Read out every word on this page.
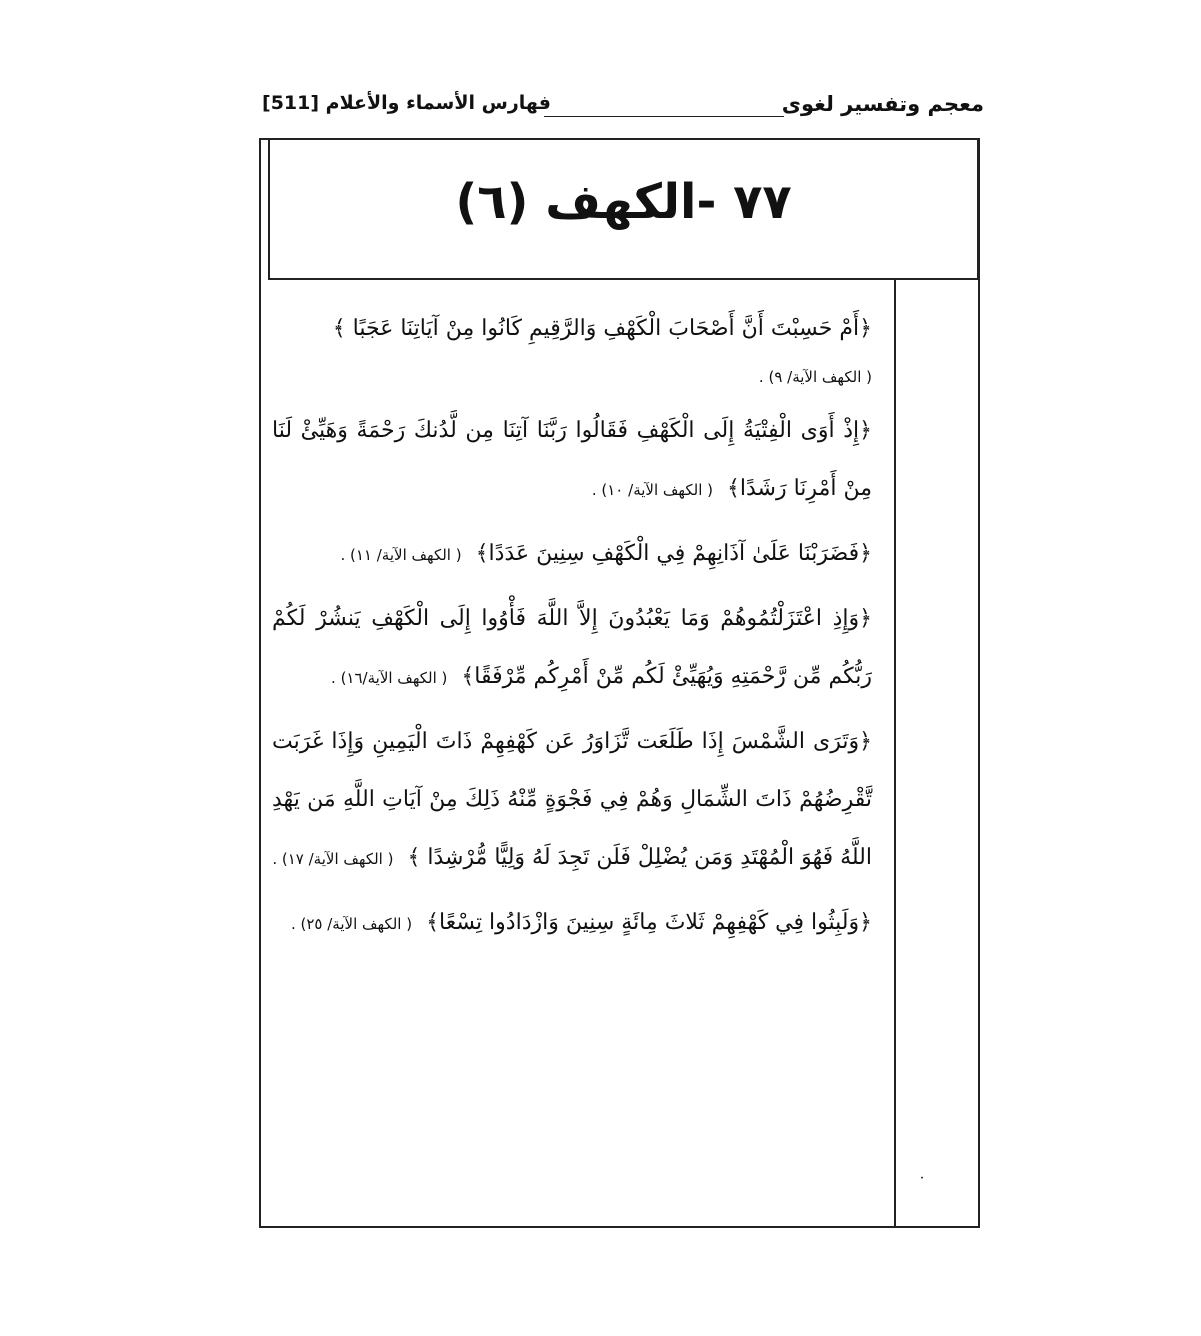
معجم وتفسير لغوى
فهارس الأسماء والأعلام [511]
٧٧ -الكهف (٦)
﴿أَمْ حَسِبْتَ أَنَّ أَصْحَابَ الْكَهْفِ وَالرَّقِيمِ كَانُوا مِنْ آيَاتِنَا عَجَبًا ﴾
( الكهف الآية/ ٩) .
﴿إِذْ أَوَى الْفِتْيَةُ إِلَى الْكَهْفِ فَقَالُوا رَبَّنَا آتِنَا مِن لَّدُنكَ رَحْمَةً وَهَيِّئْ لَنَا مِنْ أَمْرِنَا رَشَدًا﴾( الكهف الآية/ ١٠) .
﴿فَضَرَبْنَا عَلَىٰ آذَانِهِمْ فِي الْكَهْفِ سِنِينَ عَدَدًا﴾( الكهف الآية/ ١١) .
﴿وَإِذِ اعْتَزَلْتُمُوهُمْ وَمَا يَعْبُدُونَ إِلاَّ اللَّهَ فَأْوُوا إِلَى الْكَهْفِ يَنشُرْ لَكُمْ رَبُّكُم مِّن رَّحْمَتِهِ وَيُهَيِّئْ لَكُم مِّنْ أَمْرِكُم مِّرْفَقًا﴾( الكهف الآية/١٦) .
﴿وَتَرَى الشَّمْسَ إِذَا طَلَعَت تَّزَاوَرُ عَن كَهْفِهِمْ ذَاتَ الْيَمِينِ وَإِذَا غَرَبَت تَّقْرِضُهُمْ ذَاتَ الشِّمَالِ وَهُمْ فِي فَجْوَةٍ مِّنْهُ ذَلِكَ مِنْ آيَاتِ اللَّهِ مَن يَهْدِ اللَّهُ فَهُوَ الْمُهْتَدِ وَمَن يُضْلِلْ فَلَن تَجِدَ لَهُ وَلِيًّا مُّرْشِدًا ﴾( الكهف الآية/ ١٧) .
﴿وَلَبِثُوا فِي كَهْفِهِمْ ثَلاثَ مِائَةٍ سِنِينَ وَازْدَادُوا تِسْعًا﴾( الكهف الآية/ ٢٥) .
˙
